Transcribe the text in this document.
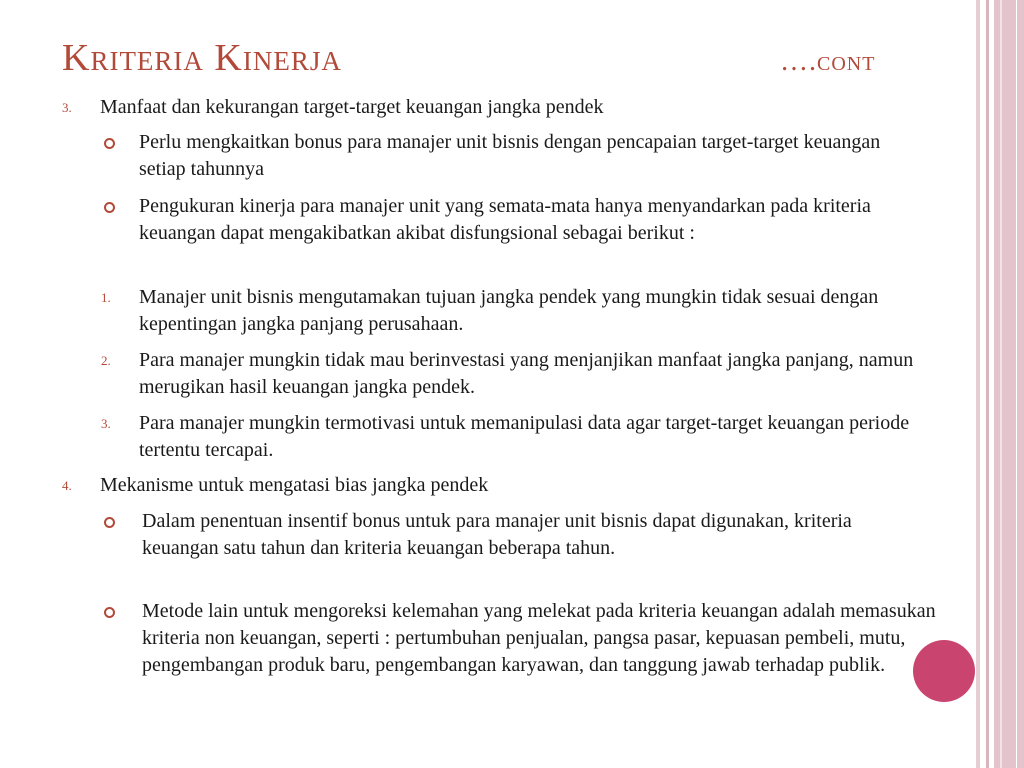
Kriteria Kinerja	….cont
3. Manfaat dan kekurangan target-target keuangan jangka pendek
Perlu mengkaitkan bonus para manajer unit bisnis dengan pencapaian target-target keuangan setiap tahunnya
Pengukuran kinerja para manajer unit yang semata-mata hanya menyandarkan pada kriteria keuangan dapat mengakibatkan akibat disfungsional sebagai berikut :
1. Manajer unit bisnis mengutamakan tujuan jangka pendek yang mungkin tidak sesuai dengan kepentingan jangka panjang perusahaan.
2. Para manajer mungkin tidak mau berinvestasi yang menjanjikan manfaat jangka panjang, namun merugikan hasil keuangan jangka pendek.
3. Para manajer mungkin termotivasi untuk memanipulasi data agar target-target keuangan periode tertentu tercapai.
4. Mekanisme untuk mengatasi bias jangka pendek
Dalam penentuan insentif bonus untuk para manajer unit bisnis dapat digunakan, kriteria keuangan satu tahun dan kriteria keuangan beberapa tahun.
Metode lain untuk mengoreksi kelemahan yang melekat pada kriteria keuangan adalah memasukan kriteria non keuangan, seperti : pertumbuhan penjualan, pangsa pasar, kepuasan pembeli, mutu, pengembangan produk baru, pengembangan karyawan, dan tanggung jawab terhadap publik.
